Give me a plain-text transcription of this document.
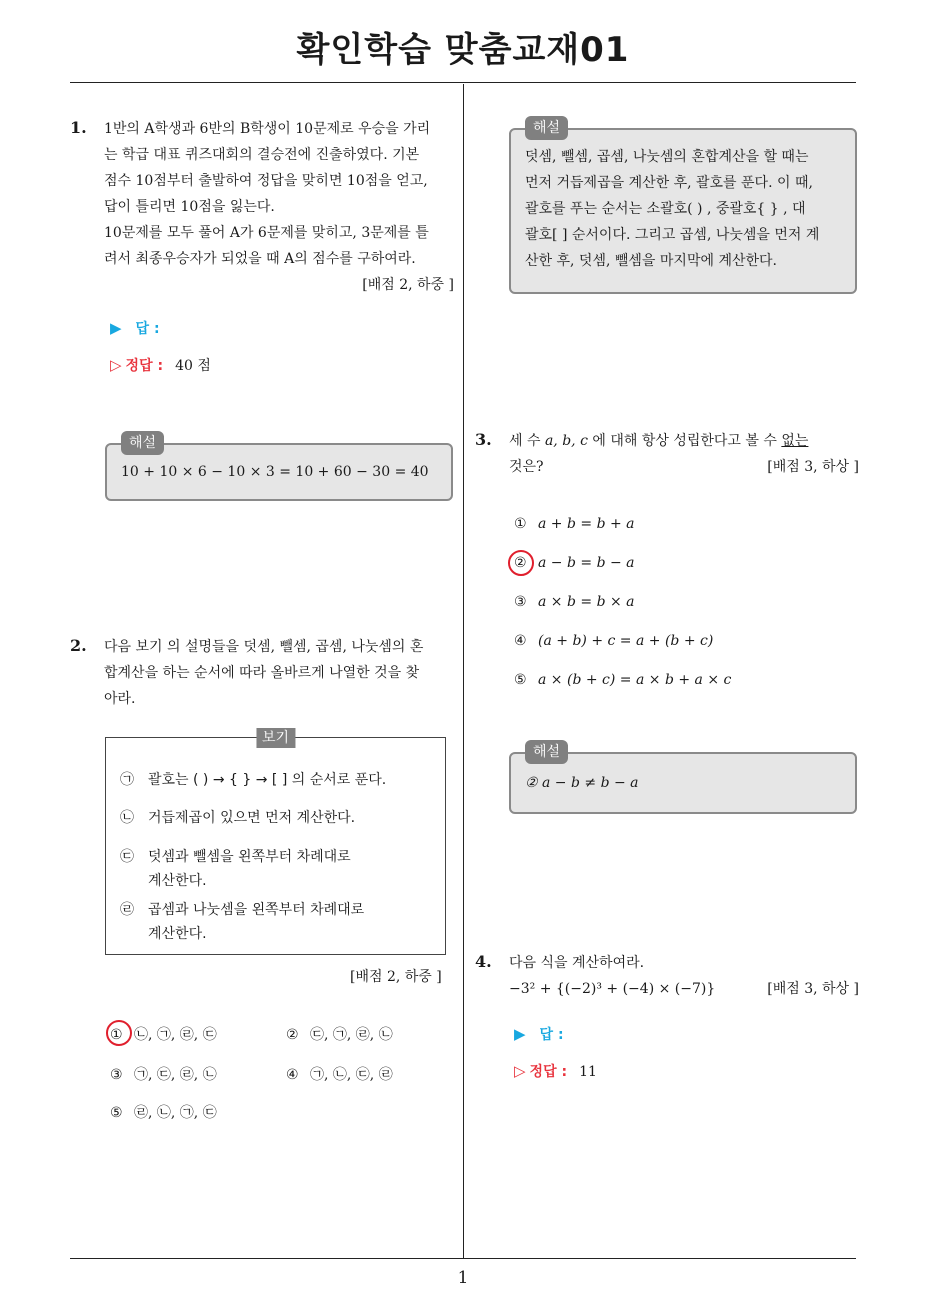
확인학습 맞춤교재01
1. 1반의 A학생과 6반의 B학생이 10문제로 우승을 가리

는 학급 대표 퀴즈대회의 결승전에 진출하였다. 기본

점수 10점부터 출발하여 정답을 맞히면 10점을 얻고,

답이 틀리면 10점을 잃는다.

10문제를 모두 풀어 A가 6문제를 맞히고, 3문제를 틀

려서 최종우승자가 되었을 때 A의 점수를 구하여라.

[배점 2, 하중 ]
▶ 답 :
▷ 정답 : 40 점
해설
10 + 10 × 6 − 10 × 3 = 10 + 60 − 30 = 40
2. 다음 보기 의 설명들을 덧셈, 뺄셈, 곱셈, 나눗셈의 혼

합계산을 하는 순서에 따라 올바르게 나열한 것을 찾

아라.

보기
㉠ 괄호는 ( ) → { } → [ ] 의 순서로 푼다.
㉡ 거듭제곱이 있으면 먼저 계산한다.
㉢ 덧셈과 뺄셈을 왼쪽부터 차례대로
계산한다.
㉣ 곱셈과 나눗셈을 왼쪽부터 차례대로
계산한다.
[배점 2, 하중 ]
① ㉡, ㉠, ㉣, ㉢	② ㉢, ㉠, ㉣, ㉡
③ ㉠, ㉢, ㉣, ㉡	④ ㉠, ㉡, ㉢, ㉣
⑤ ㉣, ㉡, ㉠, ㉢
해설
덧셈, 뺄셈, 곱셈, 나눗셈의 혼합계산을 할 때는
먼저 거듭제곱을 계산한 후, 괄호를 푼다. 이 때,
괄호를 푸는 순서는 소괄호( ) , 중괄호{ } , 대
괄호[ ] 순서이다. 그리고 곱셈, 나눗셈을 먼저 계
산한 후, 덧셈, 뺄셈을 마지막에 계산한다.
3. 세 수 a, b, c 에 대해 항상 성립한다고 볼 수 없는

것은?	[배점 3, 하상 ]

① a + b = b + a
② a − b = b − a
③ a × b = b × a
④ (a + b) + c = a + (b + c)
⑤ a × (b + c) = a × b + a × c
해설
② a − b ≠ b − a
4. 다음 식을 계산하여라.

−3² + {(−2)³ + (−4) × (−7)}	[배점 3, 하상 ]

▶ 답 :
▷ 정답 : 11
1
